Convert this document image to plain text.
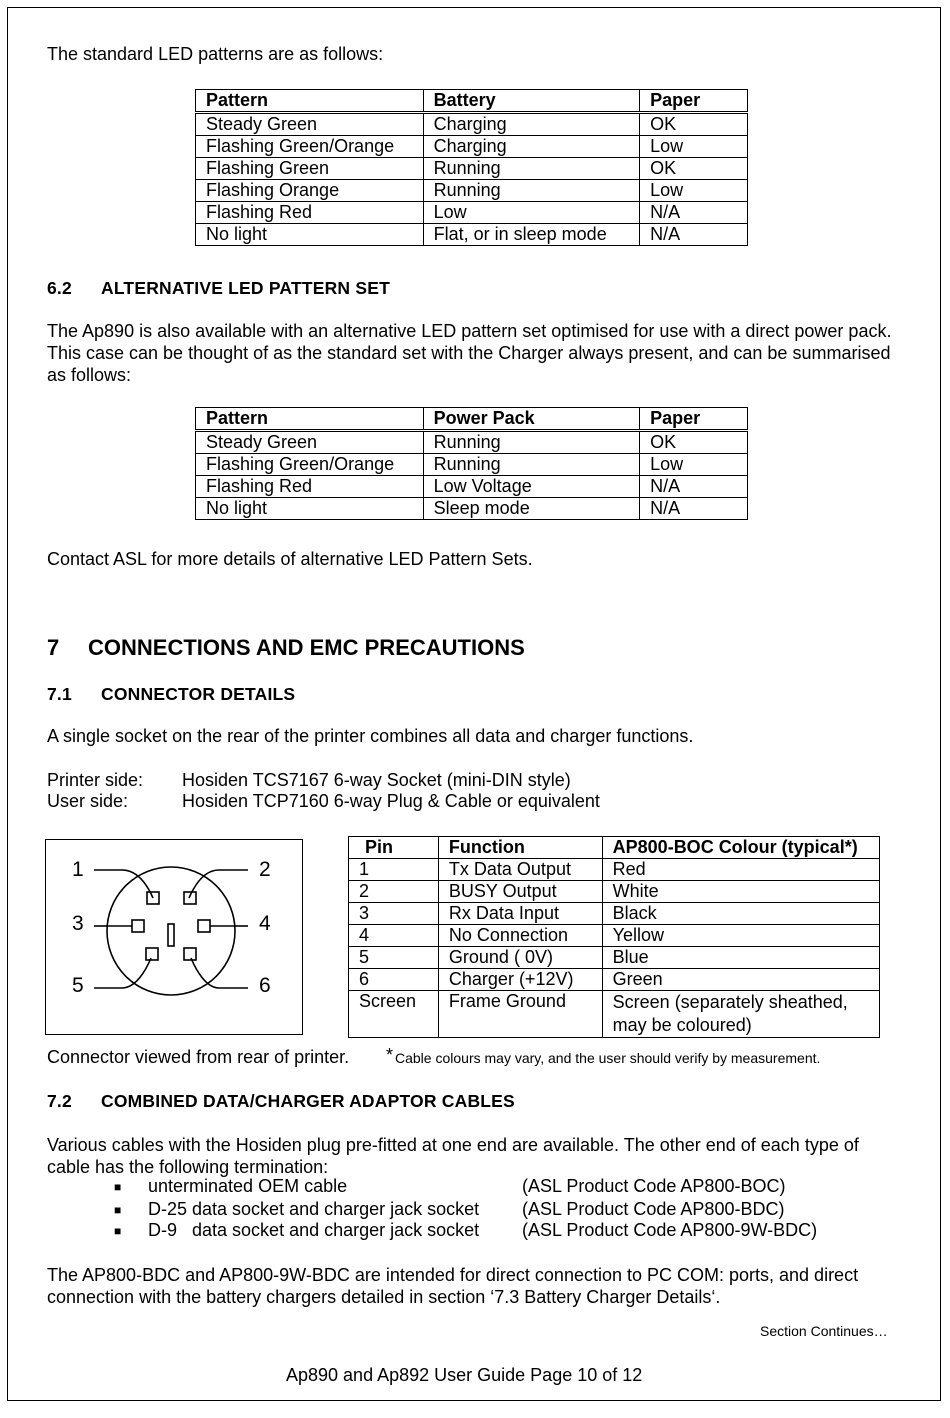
The standard LED patterns are as follows:
Pattern	Battery	Paper
Steady Green	Charging	OK
Flashing Green/Orange	Charging	Low
Flashing Green	Running	OK
Flashing Orange	Running	Low
Flashing Red	Low	N/A
No light	Flat, or in sleep mode	N/A
6.2 ALTERNATIVE LED PATTERN SET
The Ap890 is also available with an alternative LED pattern set optimised for use with a direct power pack. This case can be thought of as the standard set with the Charger always present, and can be summarised as follows:
Pattern	Power Pack	Paper
Steady Green	Running	OK
Flashing Green/Orange	Running	Low
Flashing Red	Low Voltage	N/A
No light	Sleep mode	N/A
Contact ASL for more details of alternative LED Pattern Sets.
7 CONNECTIONS AND EMC PRECAUTIONS
7.1 CONNECTOR DETAILS
A single socket on the rear of the printer combines all data and charger functions.
Printer side: Hosiden TCS7167 6-way Socket (mini-DIN style)
User side:	Hosiden TCP7160 6-way Plug & Cable or equivalent
1	2
3	4
5	6
Pin	Function	AP800-BOC Colour (typical*)
1	Tx Data Output	Red
2	BUSY Output	White
3	Rx Data Input	Black
4	No Connection	Yellow
5	Ground ( 0V)	Blue
6	Charger (+12V)	Green
Screen	Frame Ground	Screen (separately sheathed, may be coloured)
Connector viewed from rear of printer. * Cable colours may vary, and the user should verify by measurement.
7.2 COMBINED DATA/CHARGER ADAPTOR CABLES
Various cables with the Hosiden plug pre-fitted at one end are available. The other end of each type of cable has the following termination:
■ unterminated OEM cable	(ASL Product Code AP800-BOC)
■ D-25 data socket and charger jack socket (ASL Product Code AP800-BDC)
■ D-9   data socket and charger jack socket (ASL Product Code AP800-9W-BDC)
The AP800-BDC and AP800-9W-BDC are intended for direct connection to PC COM: ports, and direct connection with the battery chargers detailed in section ‘7.3 Battery Charger Details‘.
Section Continues…
Ap890 and Ap892 User Guide Page 10 of 12
